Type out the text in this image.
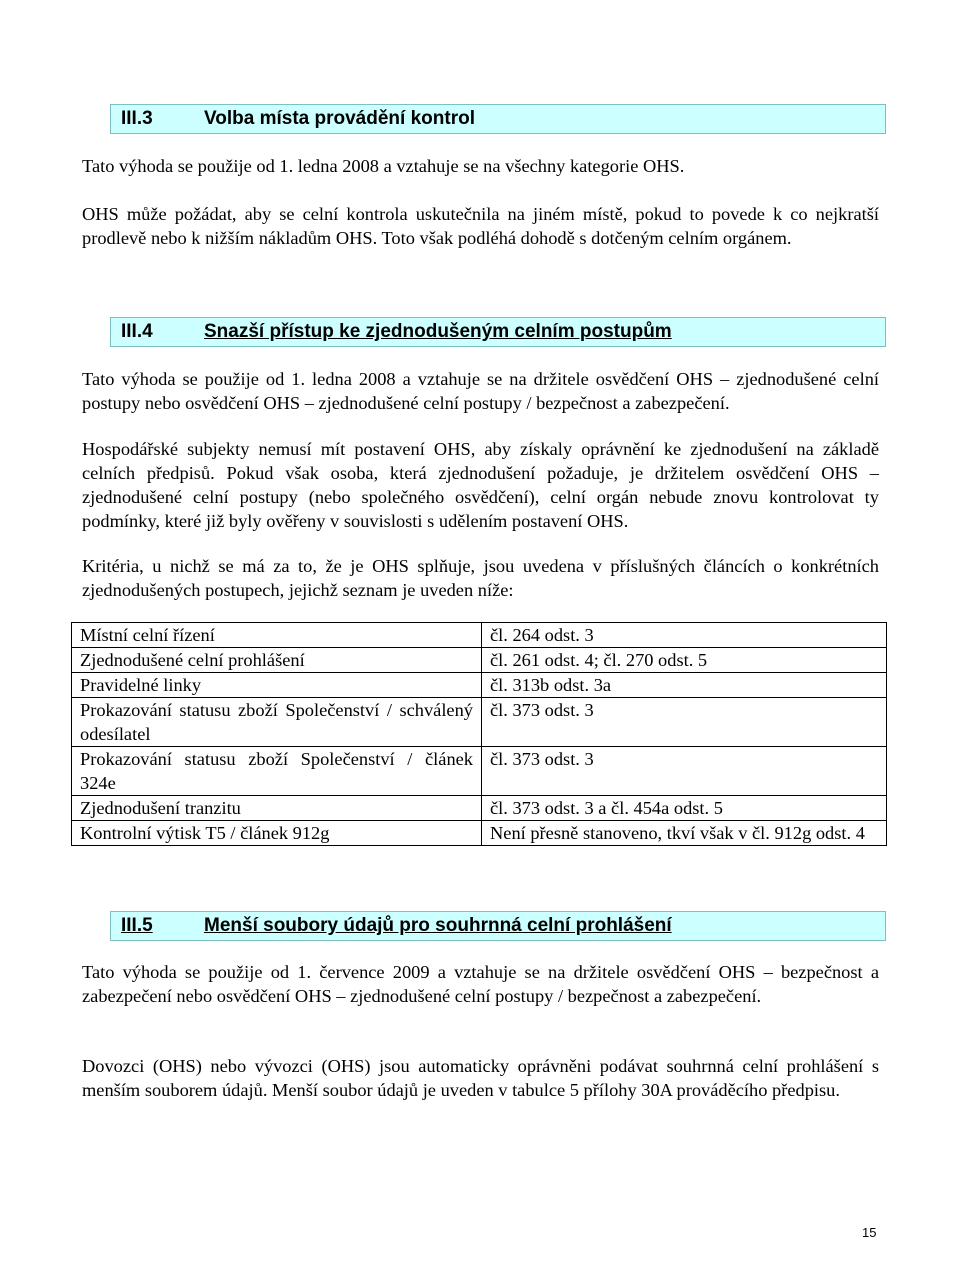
III.3	Volba místa provádění kontrol

Tato výhoda se použije od 1. ledna 2008 a vztahuje se na všechny kategorie OHS.

OHS může požádat, aby se celní kontrola uskutečnila na jiném místě, pokud to povede k co nejkratší prodlevě nebo k nižším nákladům OHS. Toto však podléhá dohodě s dotčeným celním orgánem.

III.4	Snazší přístup ke zjednodušeným celním postupům

Tato výhoda se použije od 1. ledna 2008 a vztahuje se na držitele osvědčení OHS – zjednodušené celní postupy nebo osvědčení OHS – zjednodušené celní postupy / bezpečnost a zabezpečení.

Hospodářské subjekty nemusí mít postavení OHS, aby získaly oprávnění ke zjednodušení na základě celních předpisů. Pokud však osoba, která zjednodušení požaduje, je držitelem osvědčení OHS – zjednodušené celní postupy (nebo společného osvědčení), celní orgán nebude znovu kontrolovat ty podmínky, které již byly ověřeny v souvislosti s udělením postavení OHS.

Kritéria, u nichž se má za to, že je OHS splňuje, jsou uvedena v příslušných článcích o konkrétních zjednodušených postupech, jejichž seznam je uveden níže:

Místní celní řízení	čl. 264 odst. 3
Zjednodušené celní prohlášení	čl. 261 odst. 4; čl. 270 odst. 5
Pravidelné linky	čl. 313b odst. 3a
Prokazování statusu zboží Společenství / schválený odesílatel	čl. 373 odst. 3
Prokazování statusu zboží Společenství / článek 324e	čl. 373 odst. 3
Zjednodušení tranzitu	čl. 373 odst. 3 a čl. 454a odst. 5
Kontrolní výtisk T5 / článek 912g	Není přesně stanoveno, tkví však v čl. 912g odst. 4
III.5	Menší soubory údajů pro souhrnná celní prohlášení

Tato výhoda se použije od 1. července 2009 a vztahuje se na držitele osvědčení OHS – bezpečnost a zabezpečení nebo osvědčení OHS – zjednodušené celní postupy / bezpečnost a zabezpečení.

Dovozci (OHS) nebo vývozci (OHS) jsou automaticky oprávněni podávat souhrnná celní prohlášení s menším souborem údajů. Menší soubor údajů je uveden v tabulce 5 přílohy 30A prováděcího předpisu.

15
